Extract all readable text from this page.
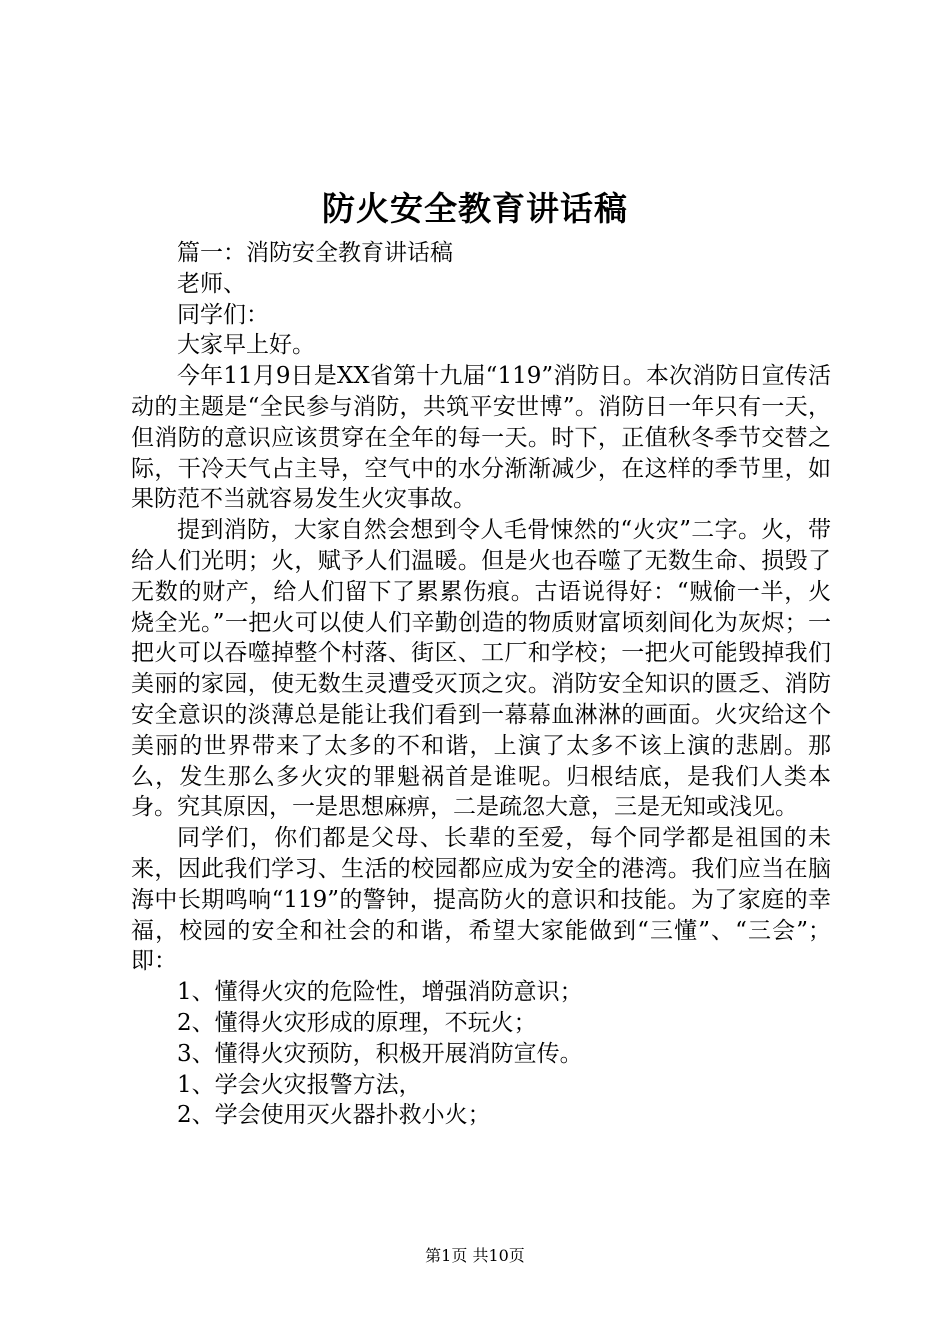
防火安全教育讲话稿

篇一：消防安全教育讲话稿

老师、

同学们：

大家早上好。

今年11月9日是XX省第十九届“119”消防日。本次消防日宣传活动的主题是“全民参与消防，共筑平安世博”。消防日一年只有一天，但消防的意识应该贯穿在全年的每一天。时下，正值秋冬季节交替之际，干冷天气占主导，空气中的水分渐渐减少，在这样的季节里，如果防范不当就容易发生火灾事故。

提到消防，大家自然会想到令人毛骨悚然的“火灾”二字。火，带给人们光明；火，赋予人们温暖。但是火也吞噬了无数生命、损毁了无数的财产，给人们留下了累累伤痕。古语说得好：“贼偷一半，火烧全光。”一把火可以使人们辛勤创造的物质财富顷刻间化为灰烬；一把火可以吞噬掉整个村落、街区、工厂和学校；一把火可能毁掉我们美丽的家园，使无数生灵遭受灭顶之灾。消防安全知识的匮乏、消防安全意识的淡薄总是能让我们看到一幕幕血淋淋的画面。火灾给这个美丽的世界带来了太多的不和谐，上演了太多不该上演的悲剧。那么，发生那么多火灾的罪魁祸首是谁呢。归根结底，是我们人类本身。究其原因，一是思想麻痹，二是疏忽大意，三是无知或浅见。

同学们，你们都是父母、长辈的至爱，每个同学都是祖国的未来，因此我们学习、生活的校园都应成为安全的港湾。我们应当在脑海中长期鸣响“119”的警钟，提高防火的意识和技能。为了家庭的幸福，校园的安全和社会的和谐，希望大家能做到“三懂”、“三会”；即：

1、懂得火灾的危险性，增强消防意识；

2、懂得火灾形成的原理，不玩火；

3、懂得火灾预防，积极开展消防宣传。

1、学会火灾报警方法，

2、学会使用灭火器扑救小火；

第1页 共10页
